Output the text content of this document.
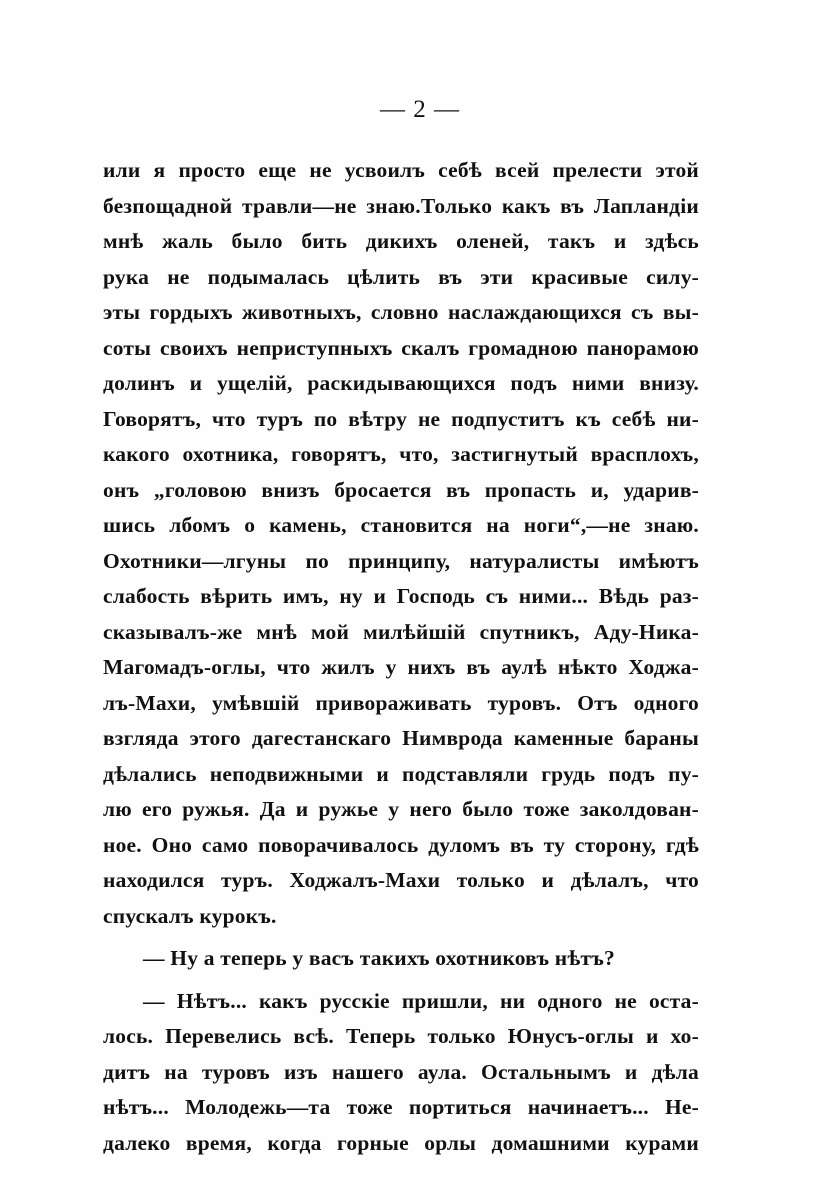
— 2 —
или я просто еще не усвоилъ себѣ всей прелести этой
безпощадной травли—не знаю.Только какъ въ Лапландіи
мнѣ жаль было бить дикихъ оленей, такъ и здѣсь
рука не подымалась цѣлить въ эти красивые силу-
эты гордыхъ животныхъ, словно наслаждающихся съ вы-
соты своихъ неприступныхъ скалъ громадною панорамою
долинъ и ущелій, раскидывающихся подъ ними внизу.
Говорятъ, что туръ по вѣтру не подпуститъ къ себѣ ни-
какого охотника, говорятъ, что, застигнутый врасплохъ,
онъ „головою внизъ бросается въ пропасть и, ударив-
шись лбомъ о камень, становится на ноги“,—не знаю.
Охотники—лгуны по принципу, натуралисты имѣютъ
слабость вѣрить имъ, ну и Господь съ ними... Вѣдь раз-
сказывалъ-же мнѣ мой милѣйшій спутникъ, Аду-Ника-
Магомадъ-оглы, что жилъ у нихъ въ аулѣ нѣкто Ходжа-
лъ-Махи, умѣвшій привораживать туровъ. Отъ одного
взгляда этого дагестанскаго Нимврода каменные бараны
дѣлались неподвижными и подставляли грудь подъ пу-
лю его ружья. Да и ружье у него было тоже заколдован-
ное. Оно само поворачивалось дуломъ въ ту сторону, гдѣ
находился туръ. Ходжалъ-Махи только и дѣлалъ, что
спускалъ курокъ.
— Ну а теперь у васъ такихъ охотниковъ нѣтъ?
— Нѣтъ... какъ русскіе пришли, ни одного не оста-
лось. Перевелись всѣ. Теперь только Юнусъ-оглы и хо-
дитъ на туровъ изъ нашего аула. Остальнымъ и дѣла
нѣтъ... Молодежь—та тоже портиться начинаетъ... Не-
далеко время, когда горные орлы домашними курами
